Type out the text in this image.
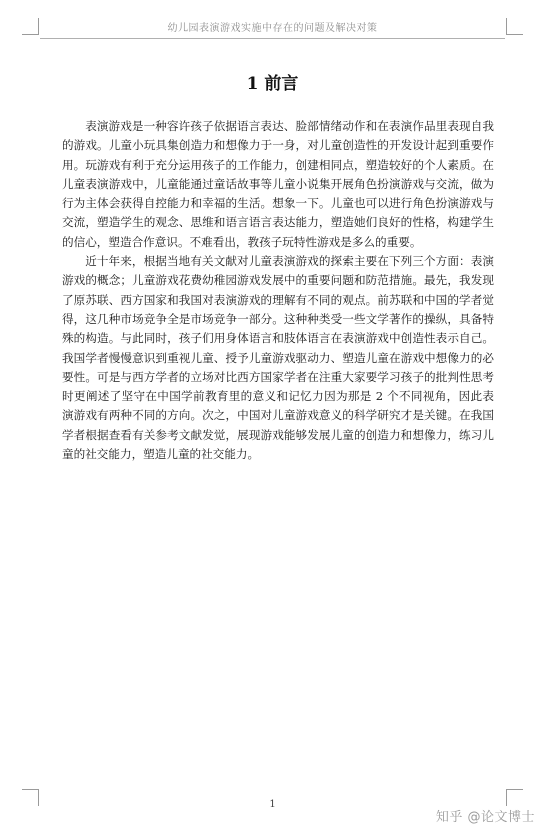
幼儿园表演游戏实施中存在的问题及解决对策
1 前言

表演游戏是一种容许孩子依据语言表达、脸部情绪动作和在表演作品里表现自我的游戏。儿童小玩具集创造力和想像力于一身，对儿童创造性的开发设计起到重要作用。玩游戏有利于充分运用孩子的工作能力，创建相同点，塑造较好的个人素质。在儿童表演游戏中，儿童能通过童话故事等儿童小说集开展角色扮演游戏与交流，做为行为主体会获得自控能力和幸福的生活。想象一下。儿童也可以进行角色扮演游戏与交流，塑造学生的观念、思维和语言语言表达能力，塑造她们良好的性格，构建学生的信心，塑造合作意识。不难看出，教孩子玩特性游戏是多么的重要。

近十年来，根据当地有关文献对儿童表演游戏的探索主要在下列三个方面：表演游戏的概念；儿童游戏花费幼稚园游戏发展中的重要问题和防范措施。最先，我发现了原苏联、西方国家和我国对表演游戏的理解有不同的观点。前苏联和中国的学者觉得，这几种市场竞争全是市场竞争一部分。这种种类受一些文学著作的操纵，具备特殊的构造。与此同时，孩子们用身体语言和肢体语言在表演游戏中创造性表示自己。我国学者慢慢意识到重视儿童、授予儿童游戏驱动力、塑造儿童在游戏中想像力的必要性。可是与西方学者的立场对比西方国家学者在注重大家要学习孩子的批判性思考时更阐述了坚守在中国学前教育里的意义和记忆力因为那是 2 个不同视角，因此表演游戏有两种不同的方向。次之，中国对儿童游戏意义的科学研究才是关键。在我国学者根据查看有关参考文献发觉，展现游戏能够发展儿童的创造力和想像力，练习儿童的社交能力，塑造儿童的社交能力。

1
知乎 @论文博士
